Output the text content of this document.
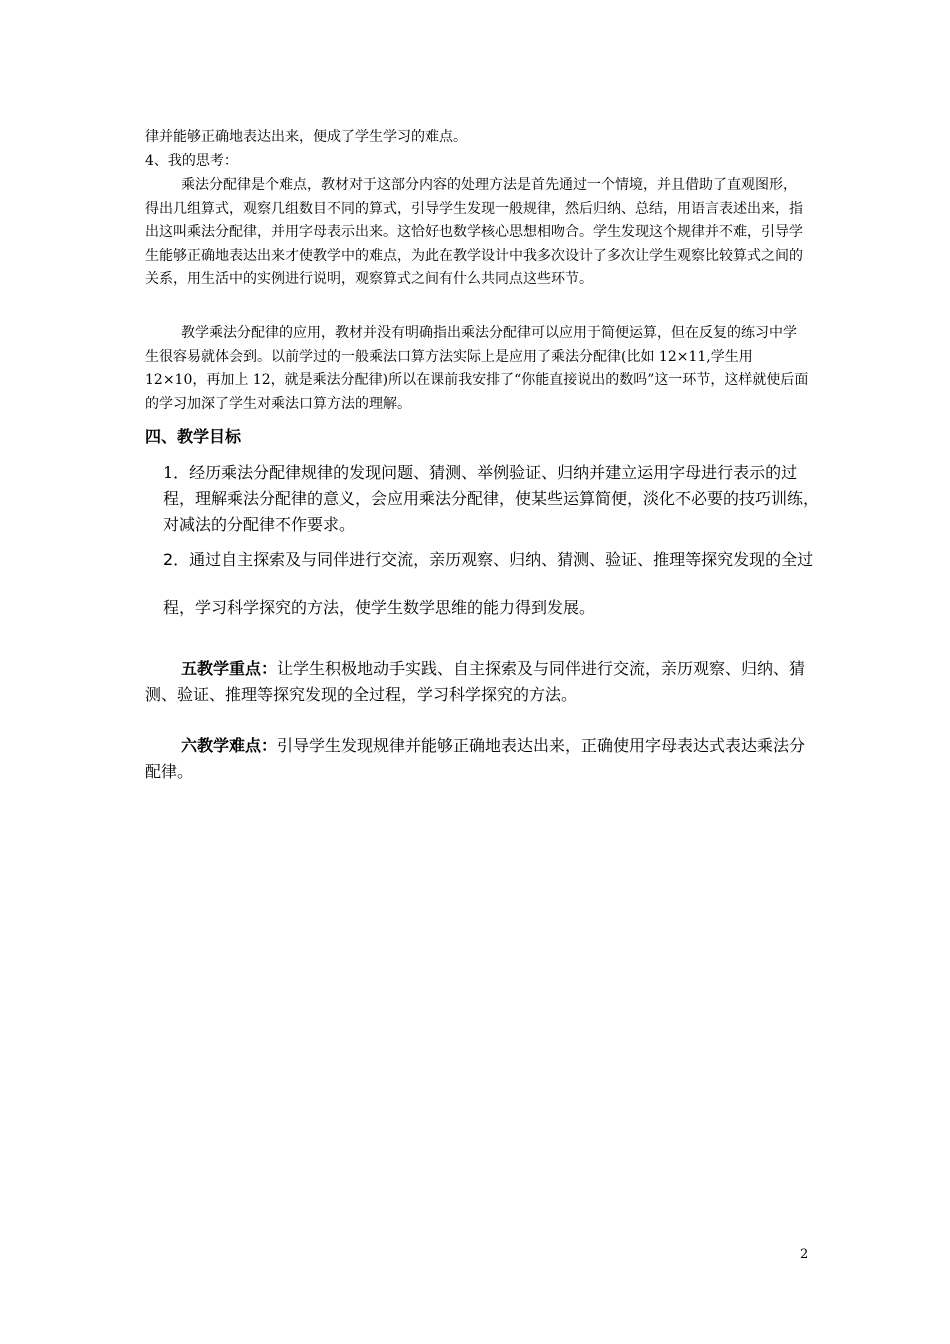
律并能够正确地表达出来，便成了学生学习的难点。
4、我的思考：
乘法分配律是个难点，教材对于这部分内容的处理方法是首先通过一个情境，并且借助了直观图形，得出几组算式，观察几组数目不同的算式，引导学生发现一般规律，然后归纳、总结，用语言表述出来，指出这叫乘法分配律，并用字母表示出来。这恰好也数学核心思想相吻合。学生发现这个规律并不难，引导学生能够正确地表达出来才使教学中的难点，为此在教学设计中我多次设计了多次让学生观察比较算式之间的关系，用生活中的实例进行说明，观察算式之间有什么共同点这些环节。
教学乘法分配律的应用，教材并没有明确指出乘法分配律可以应用于简便运算，但在反复的练习中学生很容易就体会到。以前学过的一般乘法口算方法实际上是应用了乘法分配律(比如 12×11,学生用 12×10，再加上 12，就是乘法分配律)所以在课前我安排了“你能直接说出的数吗”这一环节，这样就使后面的学习加深了学生对乘法口算方法的理解。
四、教学目标
1．经历乘法分配律规律的发现问题、猜测、举例验证、归纳并建立运用字母进行表示的过程，理解乘法分配律的意义，会应用乘法分配律，使某些运算简便，淡化不必要的技巧训练，对减法的分配律不作要求。
2．通过自主探索及与同伴进行交流，亲历观察、归纳、猜测、验证、推理等探究发现的全过程，学习科学探究的方法，使学生数学思维的能力得到发展。
五教学重点：让学生积极地动手实践、自主探索及与同伴进行交流，亲历观察、归纳、猜测、验证、推理等探究发现的全过程，学习科学探究的方法。
六教学难点：引导学生发现规律并能够正确地表达出来，正确使用字母表达式表达乘法分配律。
2
